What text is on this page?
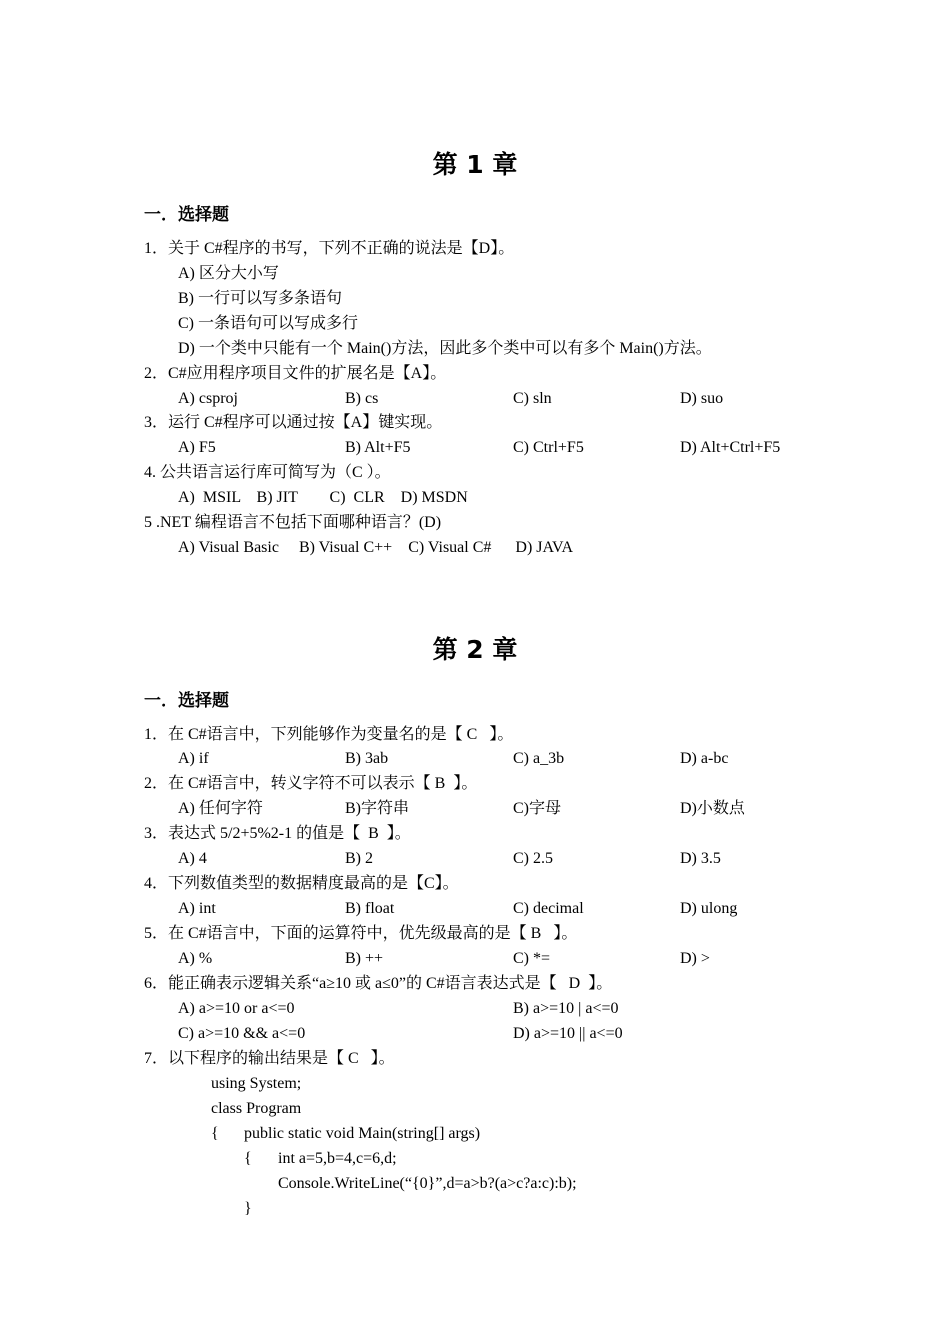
第 1 章
一．选择题

1．关于 C#程序的书写，下列不正确的说法是【D】。

A) 区分大小写

B) 一行可以写多条语句

C) 一条语句可以写成多行

D) 一个类中只能有一个 Main()方法，因此多个类中可以有多个 Main()方法。

2．C#应用程序项目文件的扩展名是【A】。

A) csproj

	B) cs

	C) sln

	D) suo

3．运行 C#程序可以通过按【A】键实现。

A) F5

	B) Alt+F5

	C) Ctrl+F5

	D) Alt+Ctrl+F5

4. 公共语言运行库可简写为（C ）。

A)  MSIL    B) JIT        C)  CLR    D) MSDN

5 .NET 编程语言不包括下面哪种语言？(D)

A) Visual Basic     B) Visual C++    C) Visual C#      D) JAVA

第 2 章
一．选择题

1．在 C#语言中，下列能够作为变量名的是【 C   】。

A) if

	B) 3ab

	C) a_3b

	D) a-bc

2．在 C#语言中，转义字符不可以表示【 B  】。

A) 任何字符

	B)字符串

	C)字母

	D)小数点

3．表达式 5/2+5%2-1 的值是【  B  】。

A) 4

	B) 2

	C) 2.5

	D) 3.5

4．下列数值类型的数据精度最高的是【C】。

A) int

	B) float

	C) decimal

	D) ulong

5．在 C#语言中，下面的运算符中，优先级最高的是【 B   】。

A) %

	B) ++

	C) *=

	D) >

6．能正确表示逻辑关系“a≥10 或 a≤0”的 C#语言表达式是【   D  】。

A) a>=10 or a<=0

	B) a>=10 | a<=0

C) a>=10 && a<=0

	D) a>=10 || a<=0

7．以下程序的输出结果是【 C   】。

using System;

class Program

{

public static void Main(string[] args)

{

int a=5,b=4,c=6,d;

Console.WriteLine(“{0}”,d=a>b?(a>c?a:c):b);

}
